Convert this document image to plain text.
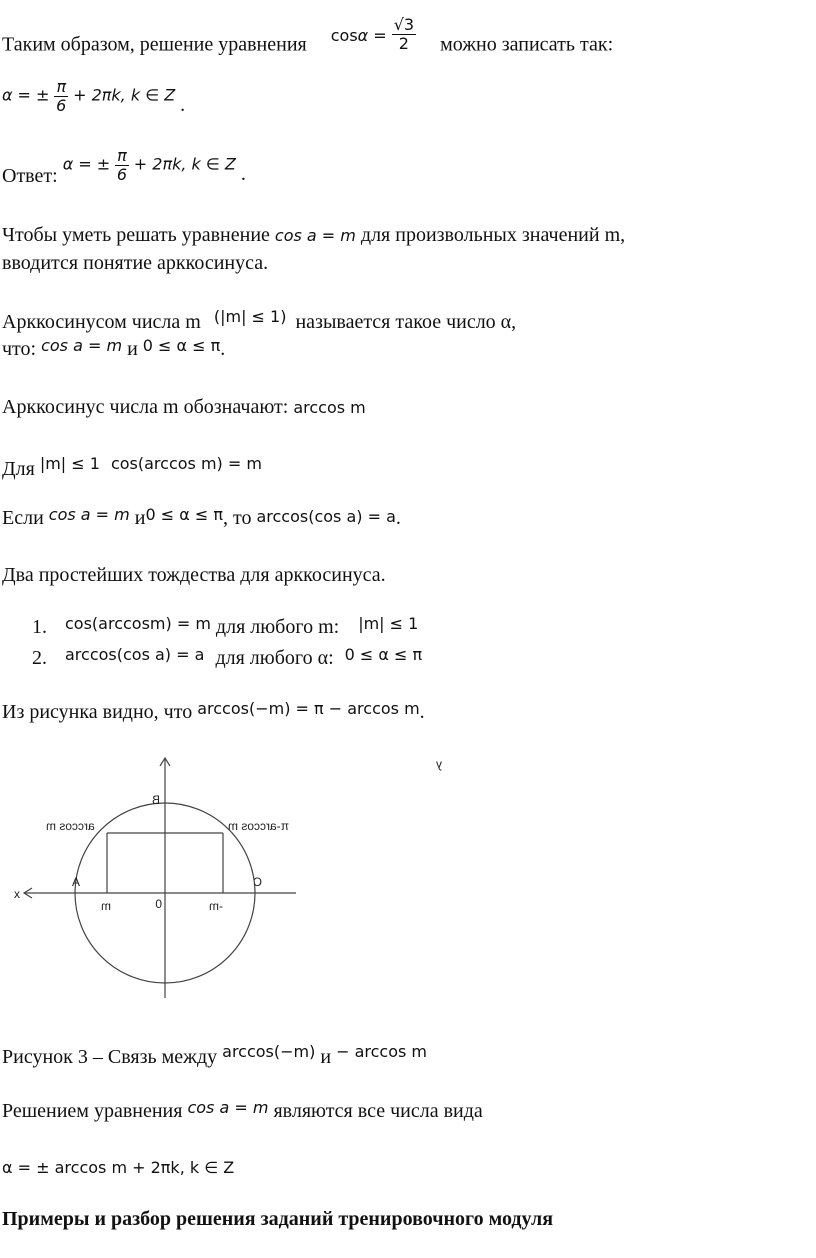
Таким образом, решение уравнения $^{cos\alpha =} \frac{√3}{2}$ можно записать так:
α = ± $\frac{\pi}{6} + 2\pi k$, k ∈ Z .
Ответ: α = ± $\frac{\pi}{6} + 2\pi k$, k ∈ Z .
Чтобы уметь решать уравнение cos a = m для произвольных значений m,
вводится понятие арккосинуса.
Арккосинусом числа m $^{(|m| \le 1)}$ называется такое число α,
что: $^{cos a = m}$ и $^{0 \le \alpha \le \pi}$.
Арккосинус числа m обозначают: arccos m
Для |m| ≤ 1 cos(arccos m) = m
Если $^{cos a = m}$ $и^{0 \le \alpha \le \pi}$, то arccos(cos a) = a.
Два простейших тождества для арккосинуса.
1. $^{cos(arccosm) = m}$ для любого m: $^{|m| \le 1}$
2. $^{arccos(cos a) = a}$ для любого α: $^{0 \le \alpha \le \pi}$
Из рисунка видно, что $^{arccos(-m) = \pi - arccos m}$.
y
x
B
A	C
0
m	-m
arccos m	π-arccos m
Рисунок 3 – Связь между $^{arccos(-m)}$ и $^{- arccos m}$
Решением уравнения $^{cos a = m}$ являются все числа вида
α = ± arccos m + 2πk, k ∈ Z
Примеры и разбор решения заданий тренировочного модуля
